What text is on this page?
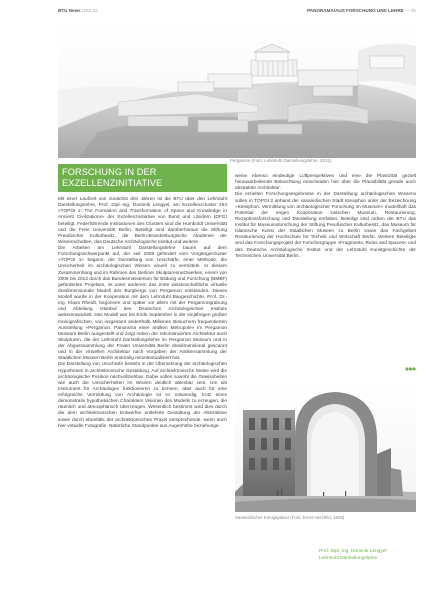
BTU News DEZ 12	PANORAMA/AUS FORSCHUNG UND LEHRE — 25
Pergamon (Foto: Lehrstuhl Darstellungslehre, 2012)
FORSCHUNG IN DER
EXZELLENZINITIATIVE

Mit einer Laufzeit von zunächst drei Jahren ist die BTU über den Lehrstuhl Darstellungslehre, Prof. Dipl.-Ing. Dominik Lengyel, am Exzellenzcluster 264 »TOPOI 2: The Formation and Transformation of Space and Knowledge in Ancient Civilizations« der Exzellenzinitiative von Bund und Ländern (DFG) beteiligt. Federführende Institutionen des Clusters sind die Humboldt Universität und die Freie Universität Berlin. Beteiligt sind darüberhinaus die Stiftung Preußischer Kulturbesitz, die Berlin-Brandenburgische Akademie der Wissenschaften, das Deutsche Archäologische Institut und weitere.

Die Arbeiten am Lehrstuhl Darstellungslehre bauen auf dem Forschungsschwerpunkt auf, der seit 2008 gefördert vom Vorgängercluster »TOPOI 1« begann, der Darstellung von Unschärfe, einer Methode, die Unsicherheit im archäologischen Wissen visuell zu vermitteln. In diesem Zusammenhang und im Rahmen des Berliner Skulpturennetzwerkes, einem von 2009 bis 2012 durch das Bundesministerium für Bildung und Forschung (BMBF) geförderten Projektes, ist unter anderem das erste wissenschaftliche virtuelle dreidimensionale Modell des Burgbergs von Pergamon entstanden. Dieses Modell wurde in der Kooperation mit dem Lehrstuhl Baugeschichte, Prof. Dr.-Ing. Klaus Rheidt, begonnen und später vor allem mit der Pergamongrabung und Abteilung Istanbul des Deutschen Archäologischen Instituts weiterentwickelt. Das Modell war bis Ende September in der einjährigen großen monografischen, von insgesamt anderthalb Millionen Besuchern frequentierten Ausstellung »Pergamon. Panorama einer antiken Metropole« im Pergamon Museum Berlin ausgestellt und zeigt neben der rekonstruierten Architektur auch Skulpturen, die der Lehrstuhl Darstellungslehre im Pergamon Museum und in der Abgusssammlung der Freien Universität Berlin dreidimensional gescannt und in der virtuellen Architektur nach Vorgaben der Antikensammlung der Staatlichen Museen Berlin erstmalig rekontextualisiert hat.

Die Darstellung von Unschärfe besteht in der Übersetzung der archäologischen Hypothesen in architektonische Gestaltung. Auf architektonische Weise wird die archäologische Position nachvollziehbar. Dabei sollen sowohl die Gewissheiten wie auch die Unsicherheiten im Wissen deutlich ablesbar sein. Um als Instrument für Archäologen funktionieren zu können, aber auch für eine erfolgreiche Vermittlung von Archäologie ist es notwendig, trotz eines demonstrativ hypothetischen Charakters Visionen des Modells zu erzeugen, die räumlich und atmosphärisch überzeugen. Wesentlich bestimmt wird dies durch die dem architektonischen Entwerfen entlehnte Gestaltung der Abstraktion sowie durch ebenfalls der architektonischen Praxis entsprechende, wenn auch hier virtuelle Fotografie. Natürliche Standpunkte aus Augenhöhe beziehungs-

weise ebenso eindeutige Luftperspektiven und eine die Plastizität gezielt herausarbeitende Beleuchtung entscheiden hier über die Plausibilität gerade auch abstrakter Architektur.

Die erzielten Forschungsergebnisse in der Darstellung archäologischen Wissens sollen in TOPOI 2 anhand der sasanidischen Stadt Ktesiphon unter der Bezeichnung »Ktesiphon. Vermittlung von archäologischer Forschung im Museum« modellhaft das Potential der engen Kooperation zwischen Museum, Restaurierung, Rezeptionsforschung und Darstellung entfalten. Beteiligt sind neben der BTU das Institut für Museumsforschung der Stiftung Preußischer Kulturbesitz, das Museum für Islamische Kunst der Staatlichen Museen zu Berlin sowie das Fachgebiet Restaurierung der Hochschule für Technik und Wirtschaft Berlin. Weitere Beteiligte sind das Forschungsprojekt der Forschergruppe »Fragments, Ruins and Spaces« und das Deutsche Archäologische Institut und der Lehrstuhl Kunstgeschichte der Technischen Universität Berlin.

Sasanidischer Königspalast (Foto: Ernst Herzfeld, 1908)
Prof. Dipl.-Ing. Dominik Lengyel
Lehrstuhl Darstellungslehre
